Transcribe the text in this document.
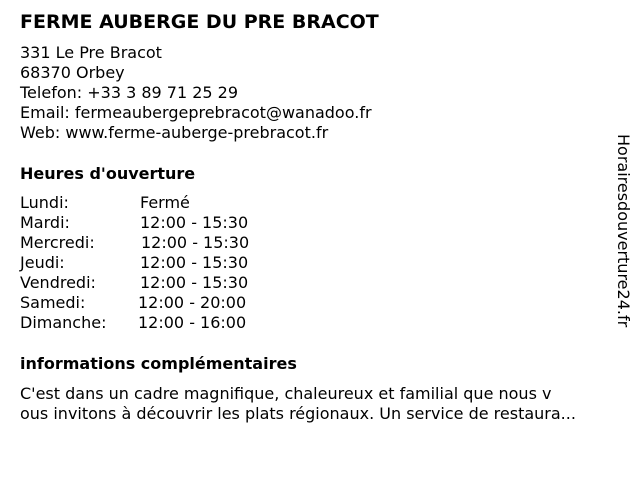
FERME AUBERGE DU PRE BRACOT
331 Le Pre Bracot
68370 Orbey
Telefon: +33 3 89 71 25 29
Email: fermeaubergeprebracot@wanadoo.fr
Web: www.ferme-auberge-prebracot.fr
Heures d'ouverture
Lundi:	Fermé
Mardi:	12:00 - 15:30
Mercredi:	12:00 - 15:30
Jeudi:	12:00 - 15:30
Vendredi:	12:00 - 15:30
Samedi:	12:00 - 20:00
Dimanche: 12:00 - 16:00
informations complémentaires
C'est dans un cadre magnifique, chaleureux et familial que nous v
ous invitons à découvrir les plats régionaux. Un service de restaura...
Horairesdouverture24.fr
